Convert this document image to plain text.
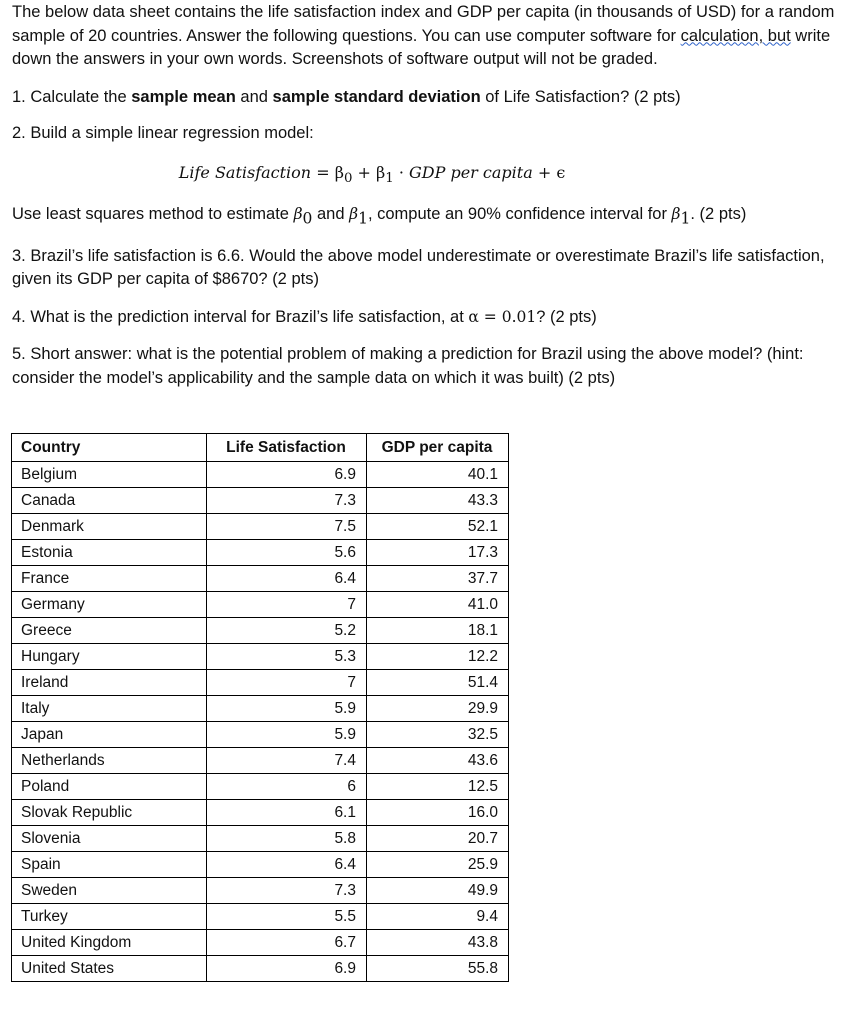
The below data sheet contains the life satisfaction index and GDP per capita (in thousands of USD) for a random sample of 20 countries. Answer the following questions. You can use computer software for calculation, but write down the answers in your own words. Screenshots of software output will not be graded.

1. Calculate the sample mean and sample standard deviation of Life Satisfaction? (2 pts)

2. Build a simple linear regression model:

Life Satisfaction = $\beta_0 + \beta_1$ · GDP per capita + ϵ

Use least squares method to estimate $\beta_0$ and $\beta_1$, compute an 90% confidence interval for $\beta_1$. (2 pts)

3. Brazil’s life satisfaction is 6.6. Would the above model underestimate or overestimate Brazil’s life satisfaction, given its GDP per capita of $8670? (2 pts)

4. What is the prediction interval for Brazil’s life satisfaction, at α = 0.01? (2 pts)

5. Short answer: what is the potential problem of making a prediction for Brazil using the above model? (hint: consider the model’s applicability and the sample data on which it was built) (2 pts)

Country	Life Satisfaction	GDP per capita
Belgium	6.9	40.1
Canada	7.3	43.3
Denmark	7.5	52.1
Estonia	5.6	17.3
France	6.4	37.7
Germany	7	41.0
Greece	5.2	18.1
Hungary	5.3	12.2
Ireland	7	51.4
Italy	5.9	29.9
Japan	5.9	32.5
Netherlands	7.4	43.6
Poland	6	12.5
Slovak Republic	6.1	16.0
Slovenia	5.8	20.7
Spain	6.4	25.9
Sweden	7.3	49.9
Turkey	5.5	9.4
United Kingdom	6.7	43.8
United States	6.9	55.8
